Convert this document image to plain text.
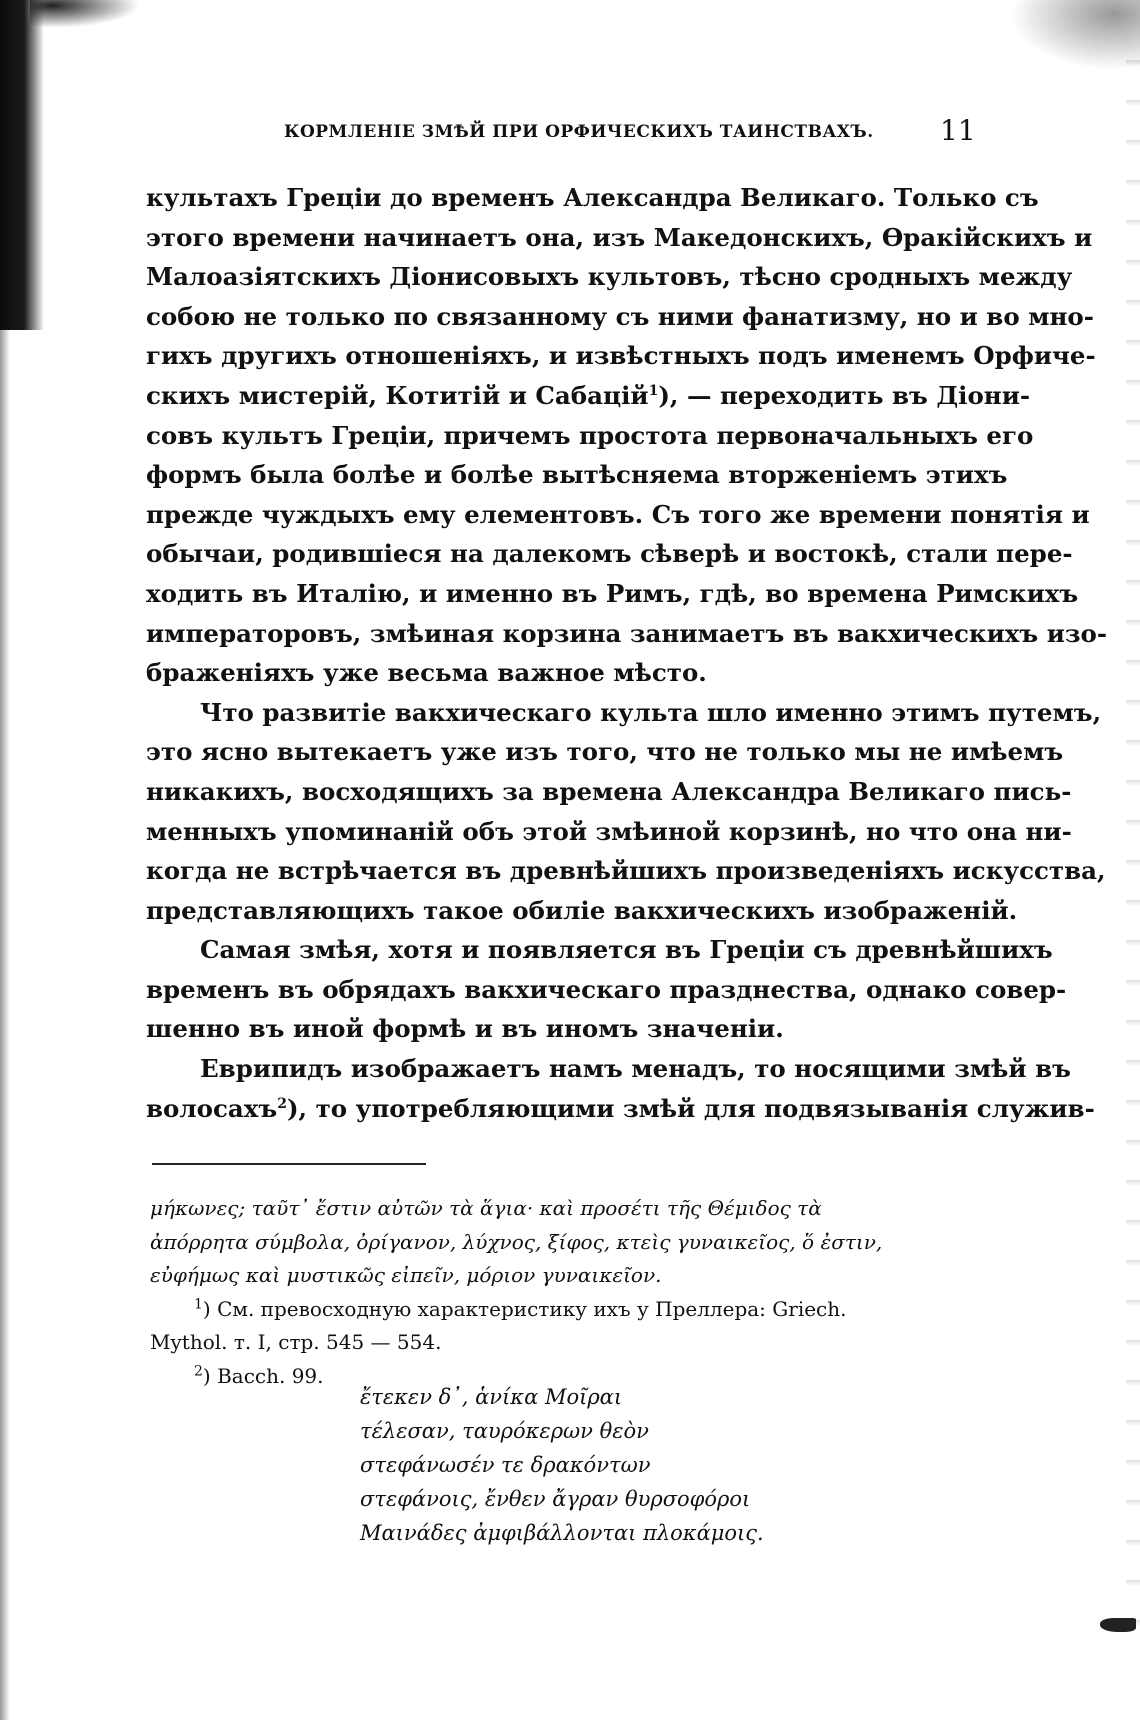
КОРМЛЕНІЕ ЗМѢЙ ПРИ ОРФИЧЕСКИХЪ ТАИНСТВАХЪ. 11
культахъ Греціи до временъ Александра Великаго. Только съ
этого времени начинаетъ она, изъ Македонскихъ, Ѳракійскихъ и
Малоазіятскихъ Діонисовыхъ культовъ, тѣсно сродныхъ между
собою не только по связанному съ ними фанатизму, но и во мно-
гихъ другихъ отношеніяхъ, и извѣстныхъ подъ именемъ Орфиче-
скихъ мистерій, Котитій и Сабацій$^1$), — переходить въ Діони-
совъ культъ Греціи, причемъ простота первоначальныхъ его
формъ была болѣе и болѣе вытѣсняема вторженіемъ этихъ
прежде чуждыхъ ему елементовъ. Съ того же времени понятія и
обычаи, родившіеся на далекомъ сѣверѣ и востокѣ, стали пере-
ходить въ Италію, и именно въ Римъ, гдѣ, во времена Римскихъ
императоровъ, змѣиная корзина занимаетъ въ вакхическихъ изо-
браженіяхъ уже весьма важное мѣсто.
Что развитіе вакхическаго культа шло именно этимъ путемъ,
это ясно вытекаетъ уже изъ того, что не только мы не имѣемъ
никакихъ, восходящихъ за времена Александра Великаго пись-
менныхъ упоминаній объ этой змѣиной корзинѣ, но что она ни-
когда не встрѣчается въ древнѣйшихъ произведеніяхъ искусства,
представляющихъ такое обиліе вакхическихъ изображеній.
Самая змѣя, хотя и появляется въ Греціи съ древнѣйшихъ
временъ въ обрядахъ вакхическаго празднества, однако совер-
шенно въ иной формѣ и въ иномъ значеніи.
Еврипидъ изображаетъ намъ менадъ, то носящими змѣй въ
волосахъ$^2$), то употребляющими змѣй для подвязыванія служив-
μήκωνες; ταῦτ᾽ ἔστιν αὐτῶν τὰ ἅγια· καὶ προσέτι τῆς Θέμιδος τὰ
ἀπόρρητα σύμβολα, ὀρίγανον, λύχνος, ξίφος, κτεὶς γυναικεῖος, ὅ ἐστιν,
εὐφήμως καὶ μυστικῶς εἰπεῖν, μόριον γυναικεῖον.
$^1$) См. превосходную характеристику ихъ у Преллера: Griech.
Mythol. т. I, стр. 545 — 554.
$^2$) Bacch. 99.
ἔτεκεν δ᾽, ἁνίκα Μοῖραι
τέλεσαν, ταυρόκερων θεὸν
στεφάνωσέν τε δρακόντων
στεφάνοις, ἔνθεν ἄγραν θυρσοφόροι
Μαινάδες ἀμφιβάλλονται πλοκάμοις.
